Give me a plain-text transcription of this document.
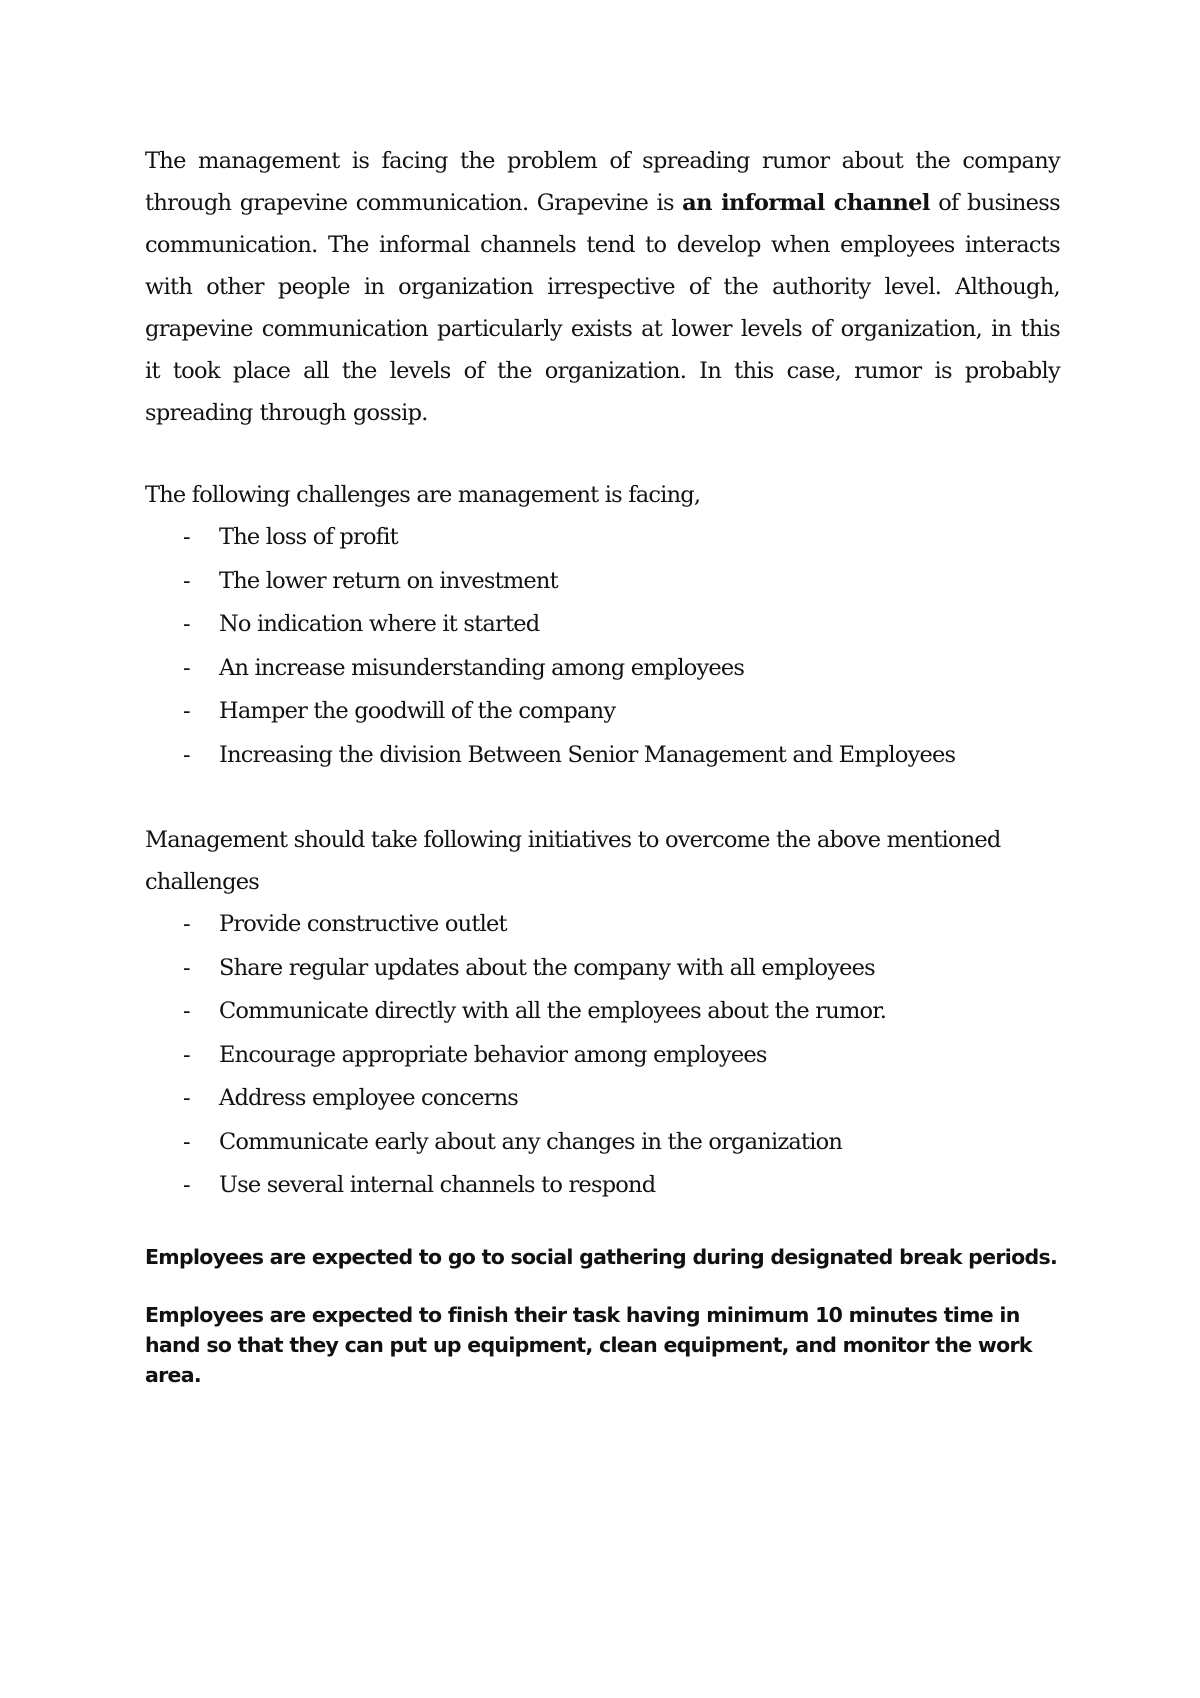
The management is facing the problem of spreading rumor about the company through grapevine communication. Grapevine is an informal channel of business communication. The informal channels tend to develop when employees interacts with other people in organization irrespective of the authority level. Although, grapevine communication particularly exists at lower levels of organization, in this it took place all the levels of the organization. In this case, rumor is probably spreading through gossip.

The following challenges are management is facing,

- The loss of profit
- The lower return on investment
- No indication where it started
- An increase misunderstanding among employees
- Hamper the goodwill of the company
- Increasing the division Between Senior Management and Employees

Management should take following initiatives to overcome the above mentioned challenges

- Provide constructive outlet
- Share regular updates about the company with all employees
- Communicate directly with all the employees about the rumor.
- Encourage appropriate behavior among employees
- Address employee concerns
- Communicate early about any changes in the organization
- Use several internal channels to respond

Employees are expected to go to social gathering during designated break periods.

Employees are expected to finish their task having minimum 10 minutes time in hand so that they can put up equipment, clean equipment, and monitor the work area.
